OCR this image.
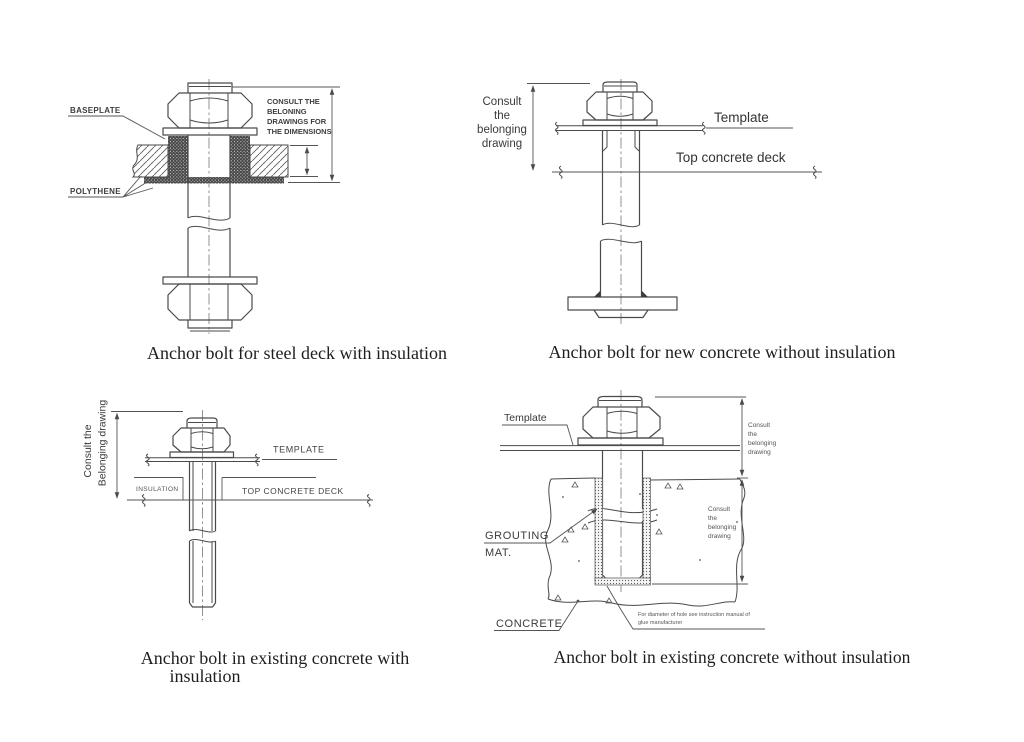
BASEPLATE
POLYTHENE
CONSULT THE
BELONING
DRAWINGS FOR
THE DIMENSIONS
Anchor bolt for steel deck with insulation
Consult
the
belonging
drawing
Template
Top concrete deck
Anchor bolt for new concrete without insulation
Consult the Belonging drawing	TEMPLATE
INSULATION	TOP CONCRETE DECK
Anchor bolt in existing concrete with
insulation
Consult
the
belonging
drawing
Consult
the
belonging
drawing
Template
GROUTING
MAT.
CONCRETE
For diameter of hole see instruction manual of
glue manufacturer
Anchor bolt in existing concrete without insulation
